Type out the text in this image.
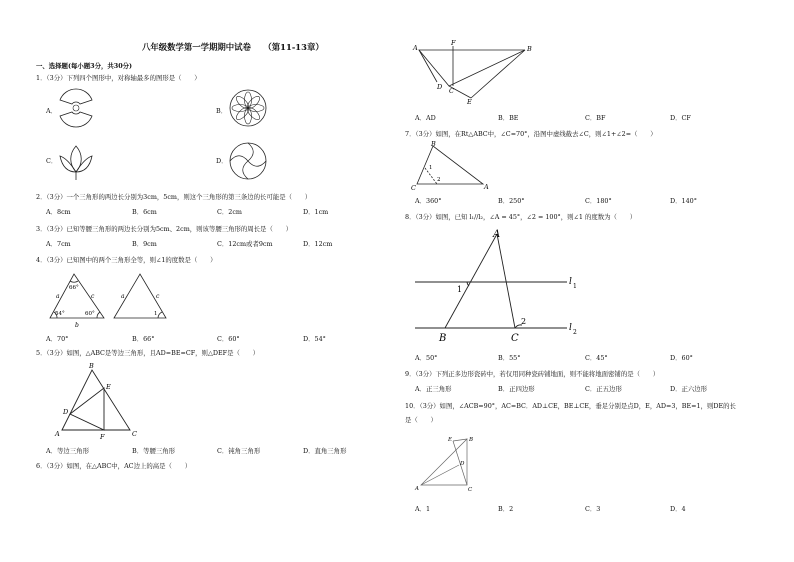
八年级数学第一学期期中试卷　　（第11-13章）
一、选择题(每小题3分，共30分)
1．（3分）下列四个图形中，对称轴最多的图形是（　　）
A．	B．
C．	D．
2．（3分）一个三角形的两边长分别为3cm，5cm，则这个三角形的第三条边的长可能是（　　）
A．8cm	B．6cm	C．2cm	D．1cm
3．（3分）已知等腰三角形的两边长分别为5cm、2cm，则该等腰三角形的周长是（　　）
A．7cm	B．9cm	C．12cm或者9cm	D．12cm
4．（3分）已知图中的两个三角形全等，则∠1的度数是（　　）
a	c
b
66°
54°	60°	1
a	c
A．70°	B．66°	C．60°	D．54°
5．（3分）如图，△ABC是等边三角形，且AD=BE=CF，则△DEF是（　　）
A
B
C
D
E
F
A．等边三角形	B．等腰三角形	C．钝角三角形	D．直角三角形
6．（3分）如图，在△ABC中，AC边上的高是（　　）
A	B
C
D
E
F
A．AD	B．BE	C．BF	D．CF
7．（3分）如图，在Rt△ABC中，∠C=70°，沿图中虚线截去∠C，则∠1+∠2=（　　）
C
B
A
1
2
A．360°	B．250°	C．180°	D．140°
8．（3分）如图，已知 l₁//l₂，∠A = 45°，∠2 = 100°，则∠1 的度数为（　　）
A
B	C
1
2
l 1
l 2
A．50°	B．55°	C．45°	D．60°
9．（3分）下列正多边形瓷砖中，若仅用同种瓷砖铺地面，则不能将地面密铺的是（　　）
A．正三角形	B．正四边形	C．正五边形	D．正六边形
10．（3分）如图，∠ACB=90°，AC=BC．AD⊥CE，BE⊥CE，垂足分别是点D，E，AD=3，BE=1，则DE的长
是（　　）
A
B
C
D
E
A．1	B．2	C．3	D．4
